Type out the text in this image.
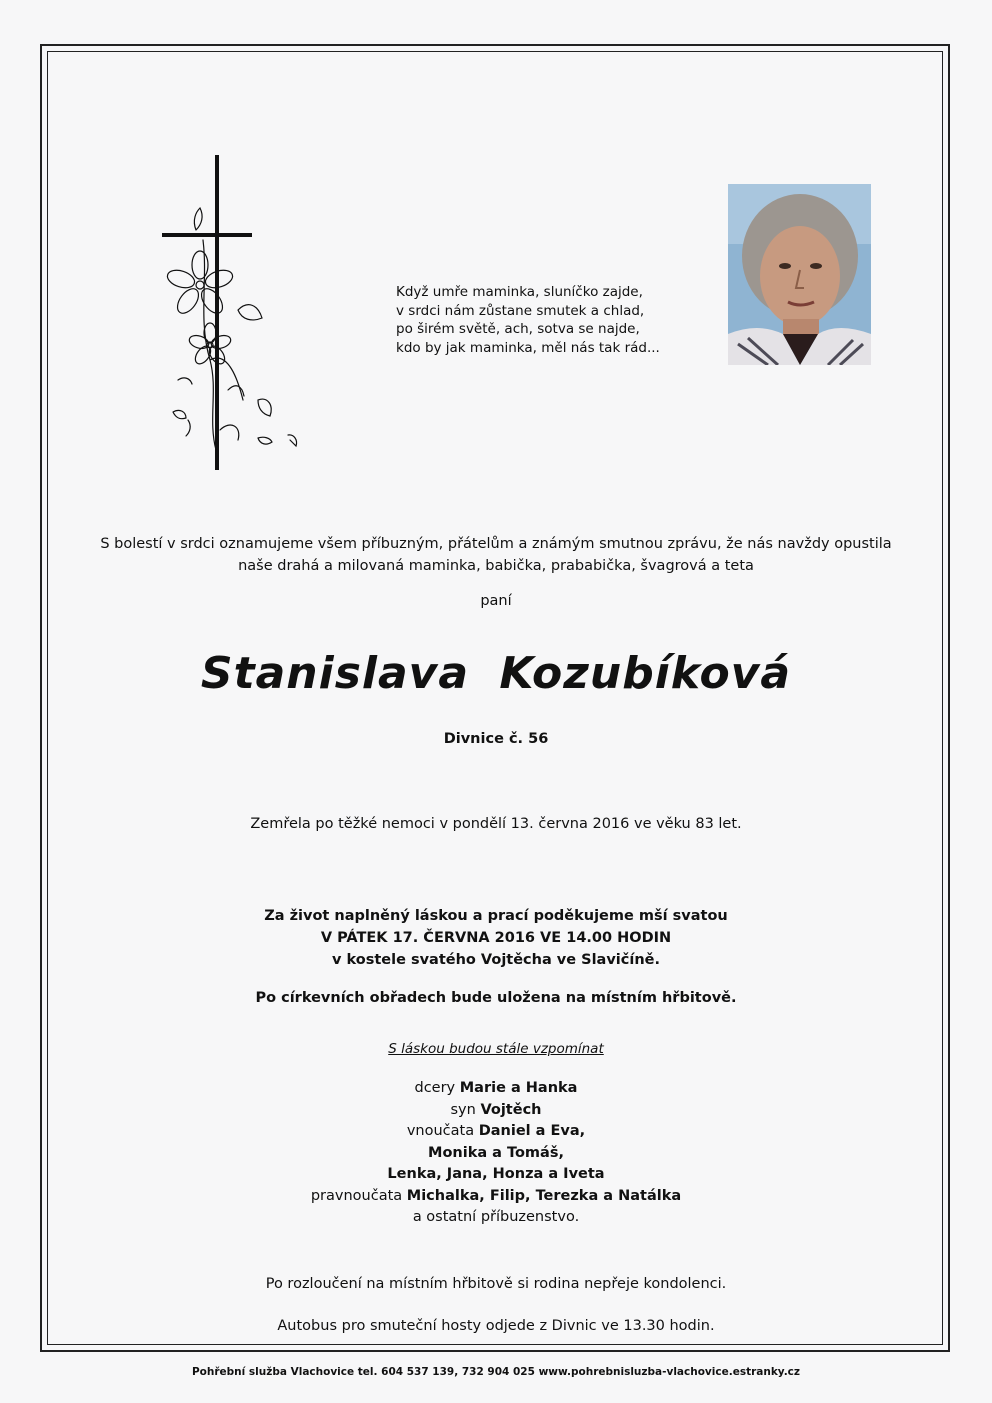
Když umře maminka, sluníčko zajde,
v srdci nám zůstane smutek a chlad,
po širém světě, ach, sotva se najde,
kdo by jak maminka, měl nás tak rád...
S bolestí v srdci oznamujeme všem příbuzným, přátelům a známým smutnou zprávu, že nás navždy opustila
naše drahá a milovaná maminka, babička, prababička, švagrová a teta
paní
Stanislava Kozubíková
Divnice č. 56
Zemřela po těžké nemoci v pondělí 13. června 2016 ve věku 83 let.
Za život naplněný láskou a prací poděkujeme mší svatou
V PÁTEK 17. ČERVNA 2016 VE 14.00 HODIN
v kostele svatého Vojtěcha ve Slavičíně.
Po církevních obřadech bude uložena na místním hřbitově.
S láskou budou stále vzpomínat
dcery Marie a Hanka
syn Vojtěch
vnoučata Daniel a Eva,
Monika a Tomáš,
Lenka, Jana, Honza a Iveta
pravnoučata Michalka, Filip, Terezka a Natálka
a ostatní příbuzenstvo.
Po rozloučení na místním hřbitově si rodina nepřeje kondolenci.
Autobus pro smuteční hosty odjede z Divnic ve 13.30 hodin.
Pohřební služba Vlachovice tel. 604 537 139, 732 904 025 www.pohrebnisluzba-vlachovice.estranky.cz
